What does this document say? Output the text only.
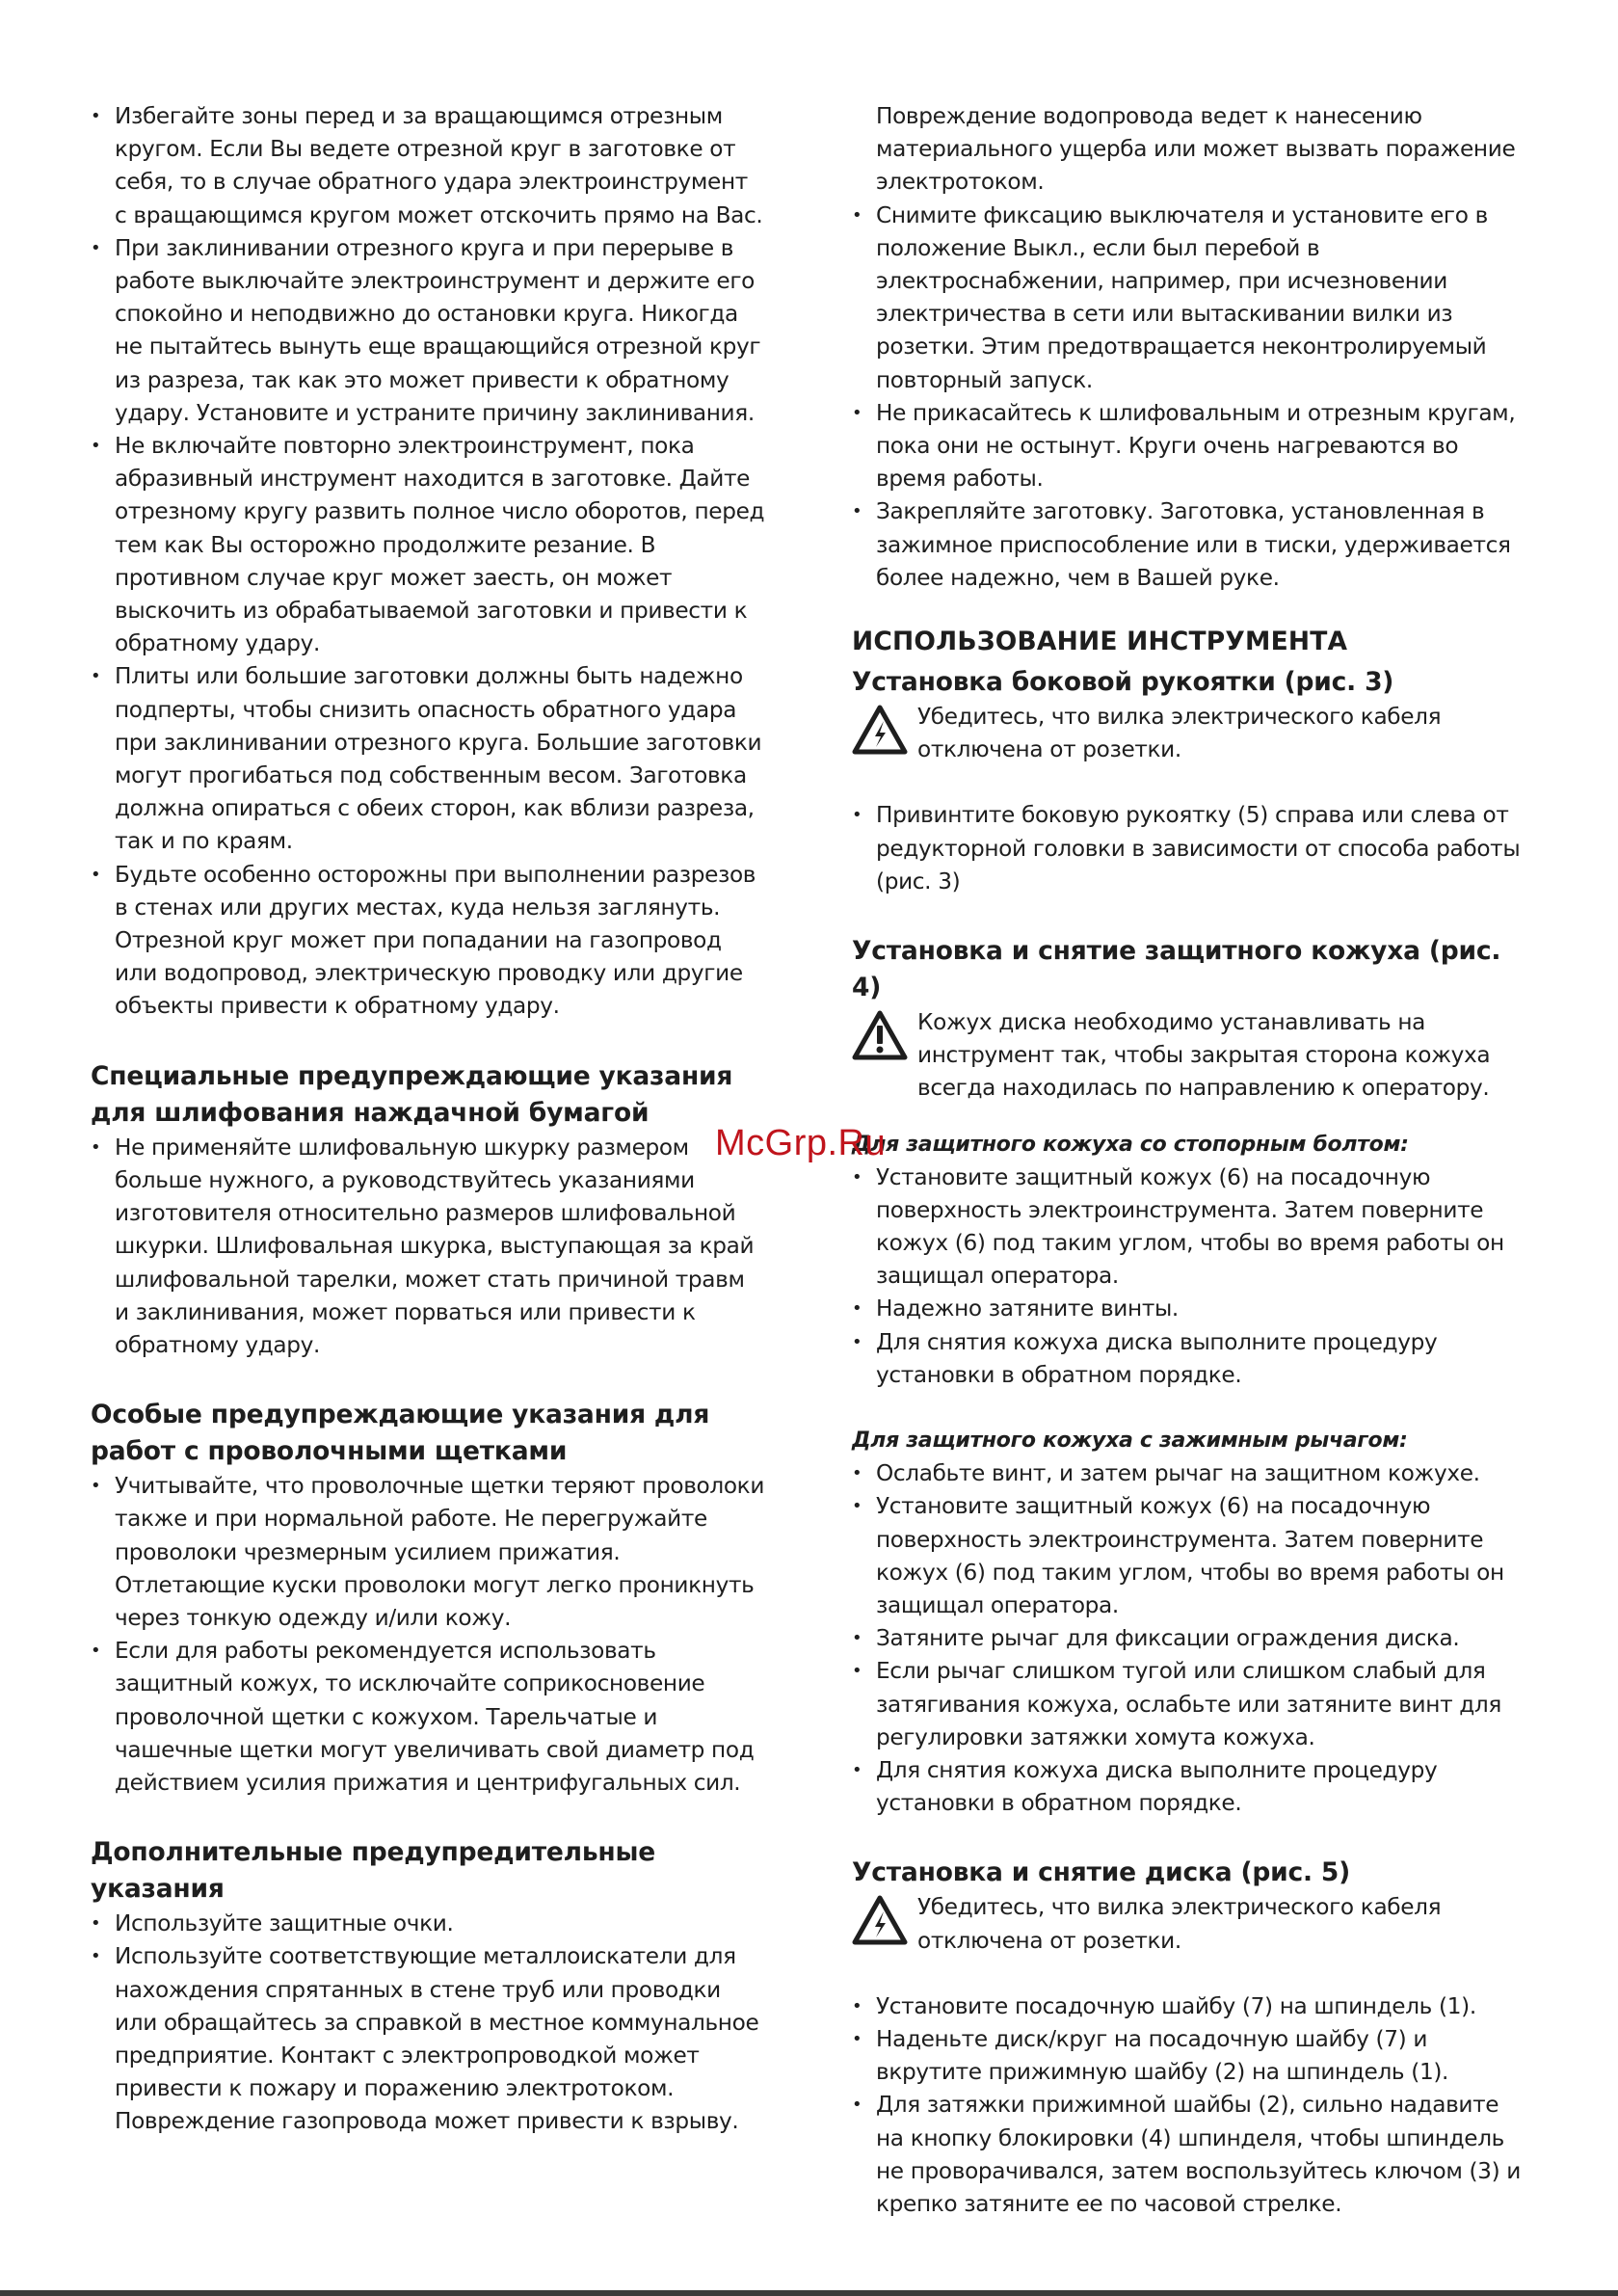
• Избегайте зоны перед и за вращающимся отрезным кругом. Если Вы ведете отрезной круг в заготовке от себя, то в случае обратного удара электроинструмент с вращающимся кругом может отскочить прямо на Вас.
• При заклинивании отрезного круга и при перерыве в работе выключайте электроинструмент и держите его спокойно и неподвижно до остановки круга. Никогда не пытайтесь вынуть еще вращающийся отрезной круг из разреза, так как это может привести к обратному удару. Установите и устраните причину заклинивания.
• Не включайте повторно электроинструмент, пока абразивный инструмент находится в заготовке. Дайте отрезному кругу развить полное число оборотов, перед тем как Вы осторожно продолжите резание. В противном случае круг может заесть, он может выскочить из обрабатываемой заготовки и привести к обратному удару.
• Плиты или большие заготовки должны быть надежно подперты, чтобы снизить опасность обратного удара при заклинивании отрезного круга. Большие заготовки могут прогибаться под собственным весом. Заготовка должна опираться с обеих сторон, как вблизи разреза, так и по краям.
• Будьте особенно осторожны при выполнении разрезов в стенах или других местах, куда нельзя заглянуть. Отрезной круг может при попадании на газопровод или водопровод, электрическую проводку или другие объекты привести к обратному удару.
Специальные предупреждающие указания для шлифования наждачной бумагой
• Не применяйте шлифовальную шкурку размером больше нужного, а руководствуйтесь указаниями изготовителя относительно размеров шлифовальной шкурки. Шлифовальная шкурка, выступающая за край шлифовальной тарелки, может стать причиной травм и заклинивания, может порваться или привести к обратному удару.
Особые предупреждающие указания для работ с проволочными щетками
• Учитывайте, что проволочные щетки теряют проволоки также и при нормальной работе. Не перегружайте проволоки чрезмерным усилием прижатия. Отлетающие куски проволоки могут легко проникнуть через тонкую одежду и/или кожу.
• Если для работы рекомендуется использовать защитный кожух, то исключайте соприкосновение проволочной щетки с кожухом. Тарельчатые и чашечные щетки могут увеличивать свой диаметр под действием усилия прижатия и центрифугальных сил.
Дополнительные предупредительные указания
• Используйте защитные очки.
• Используйте соответствующие металлоискатели для нахождения спрятанных в стене труб или проводки или обращайтесь за справкой в местное коммунальное предприятие. Контакт с электропроводкой может привести к пожару и поражению электротоком. Повреждение газопровода может привести к взрыву.
Повреждение водопровода ведет к нанесению материального ущерба или может вызвать поражение электротоком.
• Снимите фиксацию выключателя и установите его в положение Выкл., если был перебой в электроснабжении, например, при исчезновении электричества в сети или вытаскивании вилки из розетки. Этим предотвращается неконтролируемый повторный запуск.
• Не прикасайтесь к шлифовальным и отрезным кругам, пока они не остынут. Круги очень нагреваются во время работы.
• Закрепляйте заготовку. Заготовка, установленная в зажимное приспособление или в тиски, удерживается более надежно, чем в Вашей руке.
ИСПОЛЬЗОВАНИЕ ИНСТРУМЕНТА
Установка боковой рукоятки (рис. 3)
Убедитесь, что вилка электрического кабеля отключена от розетки.
• Привинтите боковую рукоятку (5) справа или слева от редукторной головки в зависимости от способа работы (рис. 3)
Установка и снятие защитного кожуха (рис. 4)
Кожух диска необходимо устанавливать на инструмент так, чтобы закрытая сторона кожуха всегда находилась по направлению к оператору.
Для защитного кожуха со стопорным болтом:
• Установите защитный кожух (6) на посадочную поверхность электроинструмента. Затем поверните кожух (6) под таким углом, чтобы во время работы он защищал оператора.
• Надежно затяните винты.
• Для снятия кожуха диска выполните процедуру установки в обратном порядке.
Для защитного кожуха с зажимным рычагом:
• Ослабьте винт, и затем рычаг на защитном кожухе.
• Установите защитный кожух (6) на посадочную поверхность электроинструмента. Затем поверните кожух (6) под таким углом, чтобы во время работы он защищал оператора.
• Затяните рычаг для фиксации ограждения диска.
• Если рычаг слишком тугой или слишком слабый для затягивания кожуха, ослабьте или затяните винт для регулировки затяжки хомута кожуха.
• Для снятия кожуха диска выполните процедуру установки в обратном порядке.
Установка и снятие диска (рис. 5)
Убедитесь, что вилка электрического кабеля отключена от розетки.
• Установите посадочную шайбу (7) на шпиндель (1).
• Наденьте диск/круг на посадочную шайбу (7) и вкрутите прижимную шайбу (2) на шпиндель (1).
• Для затяжки прижимной шайбы (2), сильно надавите на кнопку блокировки (4) шпинделя, чтобы шпиндель не проворачивался, затем воспользуйтесь ключом (3) и крепко затяните ее по часовой стрелке.
McGrp.Ru
